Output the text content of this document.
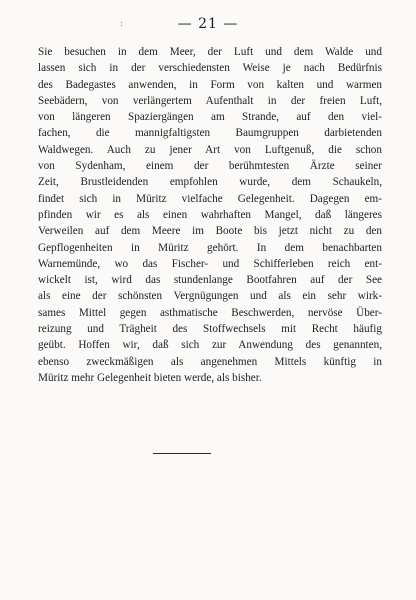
:	— 21 —
Sie besuchen in dem Meer, der Luft und dem Walde und
lassen sich in der verschiedensten Weise je nach Bedürfnis
des Badegastes anwenden, in Form von kalten und warmen
Seebädern, von verlängertem Aufenthalt in der freien Luft,
von längeren Spaziergängen am Strande, auf den viel-
fachen, die mannigfaltigsten Baumgruppen darbietenden
Waldwegen. Auch zu jener Art von Luftgenuß, die schon
von Sydenham, einem der berühmtesten Ärzte seiner
Zeit, Brustleidenden empfohlen wurde, dem Schaukeln,
findet sich in Müritz vielfache Gelegenheit. Dagegen em-
pfinden wir es als einen wahrhaften Mangel, daß längeres
Verweilen auf dem Meere im Boote bis jetzt nicht zu den
Gepflogenheiten in Müritz gehört. In dem benachbarten
Warnemünde, wo das Fischer- und Schifferleben reich ent-
wickelt ist, wird das stundenlange Bootfahren auf der See
als eine der schönsten Vergnügungen und als ein sehr wirk-
sames Mittel gegen asthmatische Beschwerden, nervöse Über-
reizung und Trägheit des Stoffwechsels mit Recht häufig
geübt. Hoffen wir, daß sich zur Anwendung des genannten,
ebenso zweckmäßigen als angenehmen Mittels künftig in
Müritz mehr Gelegenheit bieten werde, als bisher.
